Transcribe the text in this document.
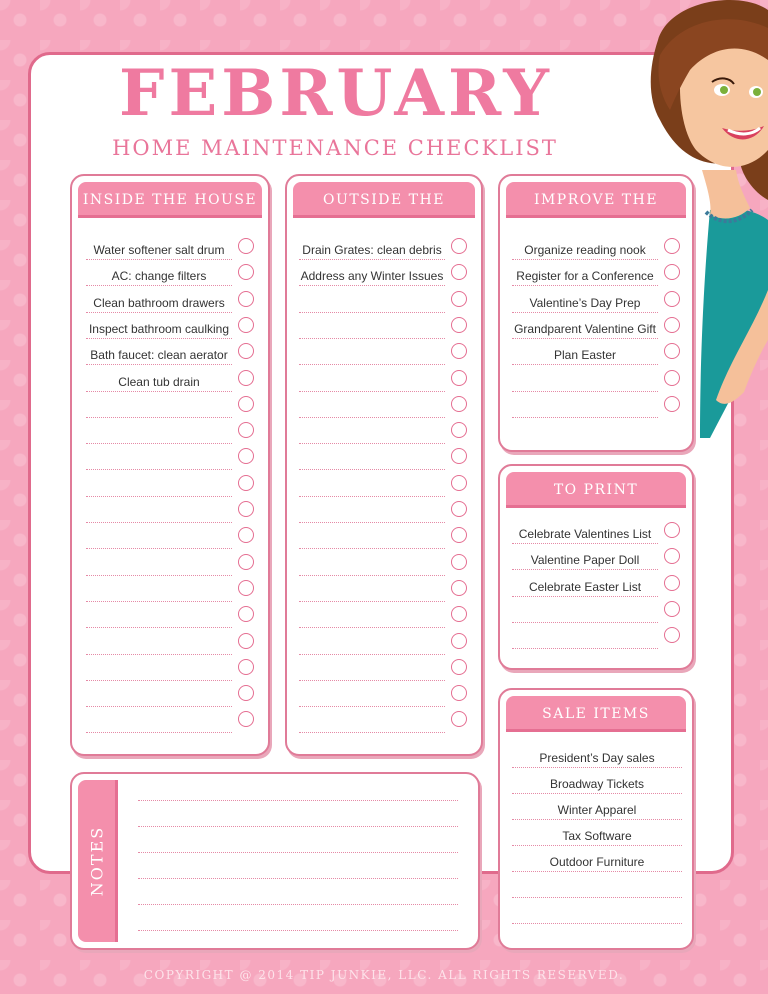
FEBRUARY
HOME MAINTENANCE CHECKLIST
INSIDE THE HOUSE
Water softener salt drum
AC: change filters
Clean bathroom drawers
Inspect bathroom caulking
Bath faucet: clean aerator
Clean tub drain
OUTSIDE THE HOUSE
Drain Grates: clean debris
Address any Winter Issues
IMPROVE THE HOUSE
Organize reading nook
Register for a Conference
Valentine’s Day Prep
Grandparent Valentine Gift
Plan Easter
TO PRINT
Celebrate Valentines List
Valentine Paper Doll
Celebrate Easter List
SALE ITEMS
President’s Day sales
Broadway Tickets
Winter Apparel
Tax Software
Outdoor Furniture
NOTES
COPYRIGHT @ 2014 TIP JUNKIE, LLC. ALL RIGHTS RESERVED.
